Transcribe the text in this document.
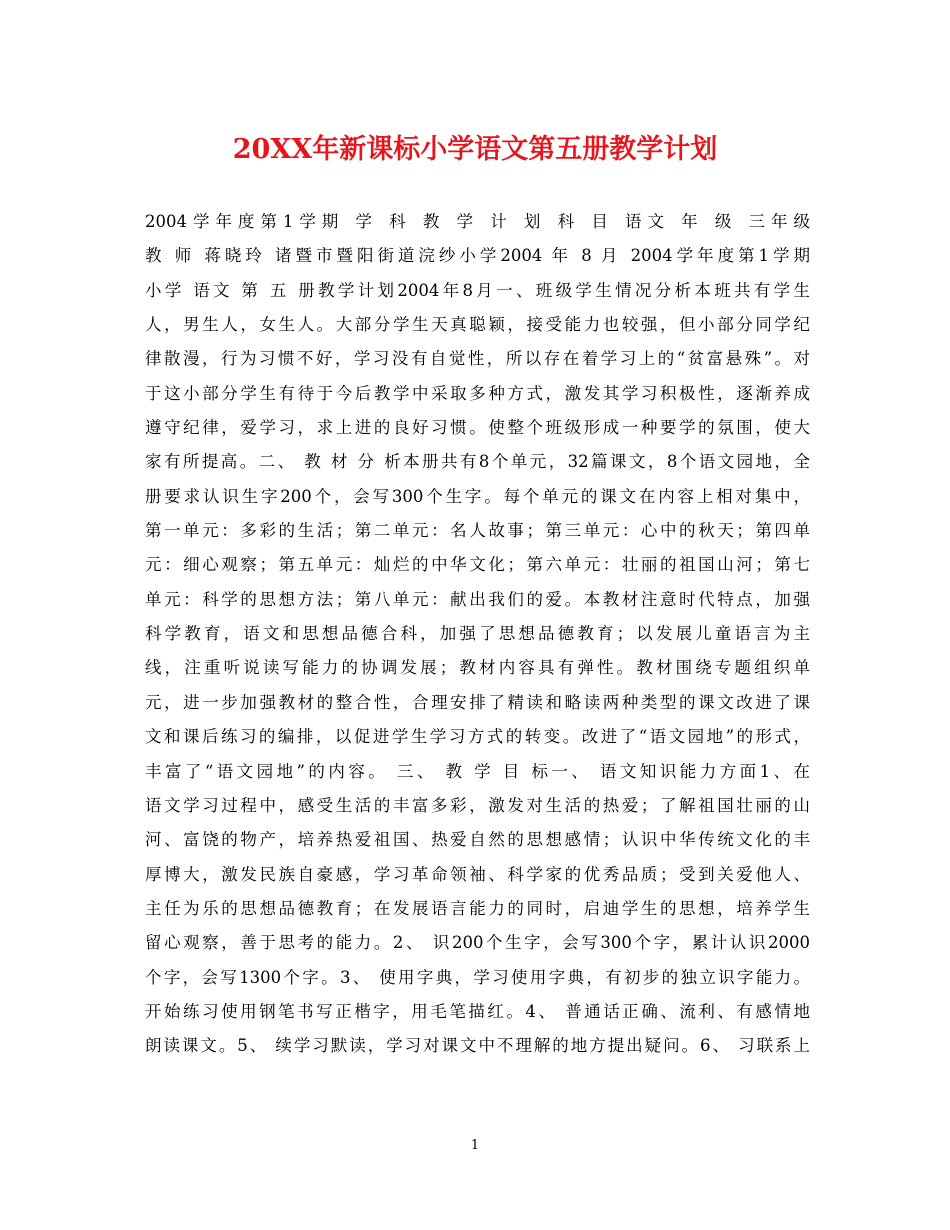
20XX年新课标小学语文第五册教学计划
2004学年度第1学期 学 科 教 学 计 划 科 目 语文 年 级 三年级
教 师 蒋晓玲 诸暨市暨阳街道浣纱小学2004 年 8 月 2004学年度第1学期
小学 语文 第 五 册教学计划2004年8月一、班级学生情况分析本班共有学生
人，男生人，女生人。大部分学生天真聪颖，接受能力也较强，但小部分同学纪
律散漫，行为习惯不好，学习没有自觉性，所以存在着学习上的“贫富悬殊”。对
于这小部分学生有待于今后教学中采取多种方式，激发其学习积极性，逐渐养成
遵守纪律，爱学习，求上进的良好习惯。使整个班级形成一种要学的氛围，使大
家有所提高。二、 教 材 分 析本册共有8个单元，32篇课文，8个语文园地，全
册要求认识生字200个，会写300个生字。每个单元的课文在内容上相对集中，
第一单元：多彩的生活；第二单元：名人故事；第三单元：心中的秋天；第四单
元：细心观察；第五单元：灿烂的中华文化；第六单元：壮丽的祖国山河；第七
单元：科学的思想方法；第八单元：献出我们的爱。本教材注意时代特点，加强
科学教育，语文和思想品德合科，加强了思想品德教育；以发展儿童语言为主
线，注重听说读写能力的协调发展；教材内容具有弹性。教材围绕专题组织单
元，进一步加强教材的整合性，合理安排了精读和略读两种类型的课文改进了课
文和课后练习的编排，以促进学生学习方式的转变。改进了“语文园地”的形式，
丰富了“语文园地”的内容。 三、 教 学 目 标一、 语文知识能力方面1、在
语文学习过程中，感受生活的丰富多彩，激发对生活的热爱；了解祖国壮丽的山
河、富饶的物产，培养热爱祖国、热爱自然的思想感情；认识中华传统文化的丰
厚博大，激发民族自豪感，学习革命领袖、科学家的优秀品质；受到关爱他人、
主任为乐的思想品德教育；在发展语言能力的同时，启迪学生的思想，培养学生
留心观察，善于思考的能力。2、 识200个生字，会写300个字，累计认识2000
个字，会写1300个字。3、 使用字典，学习使用字典，有初步的独立识字能力。
开始练习使用钢笔书写正楷字，用毛笔描红。4、 普通话正确、流利、有感情地
朗读课文。5、 续学习默读，学习对课文中不理解的地方提出疑问。6、 习联系上
1
